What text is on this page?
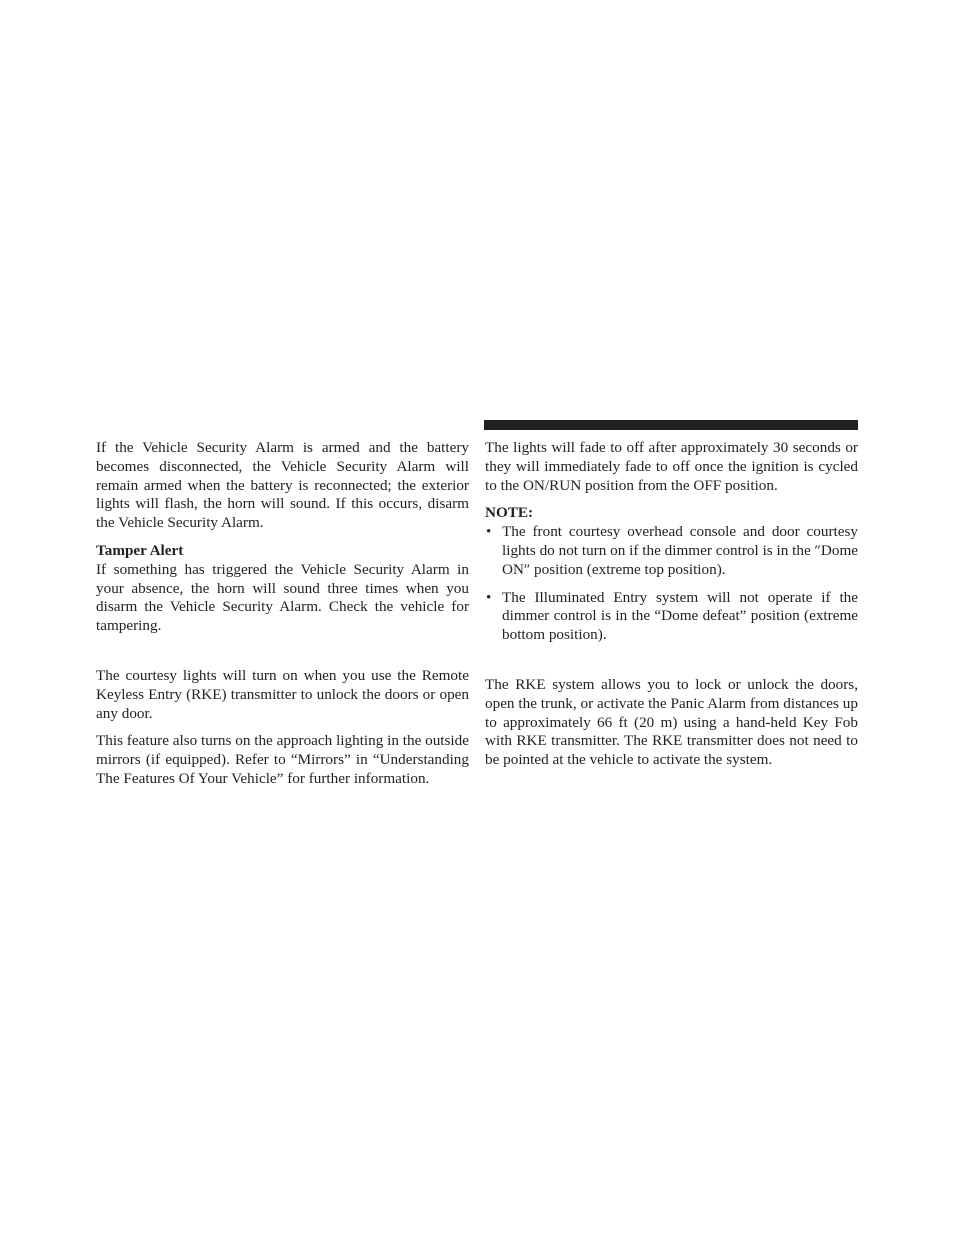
If the Vehicle Security Alarm is armed and the battery becomes disconnected, the Vehicle Security Alarm will remain armed when the battery is reconnected; the exterior lights will flash, the horn will sound. If this occurs, disarm the Vehicle Security Alarm.

Tamper Alert

If something has triggered the Vehicle Security Alarm in your absence, the horn will sound three times when you disarm the Vehicle Security Alarm. Check the vehicle for tampering.

The courtesy lights will turn on when you use the Remote Keyless Entry (RKE) transmitter to unlock the doors or open any door.

This feature also turns on the approach lighting in the outside mirrors (if equipped). Refer to “Mirrors” in “Understanding The Features Of Your Vehicle” for further information.

The lights will fade to off after approximately 30 seconds or they will immediately fade to off once the ignition is cycled to the ON/RUN position from the OFF position.

NOTE:

• The front courtesy overhead console and door courtesy lights do not turn on if the dimmer control is in the ″Dome ON″ position (extreme top position).
• The Illuminated Entry system will not operate if the dimmer control is in the “Dome defeat” position (extreme bottom position).

The RKE system allows you to lock or unlock the doors, open the trunk, or activate the Panic Alarm from distances up to approximately 66 ft (20 m) using a hand-held Key Fob with RKE transmitter. The RKE transmitter does not need to be pointed at the vehicle to activate the system.
